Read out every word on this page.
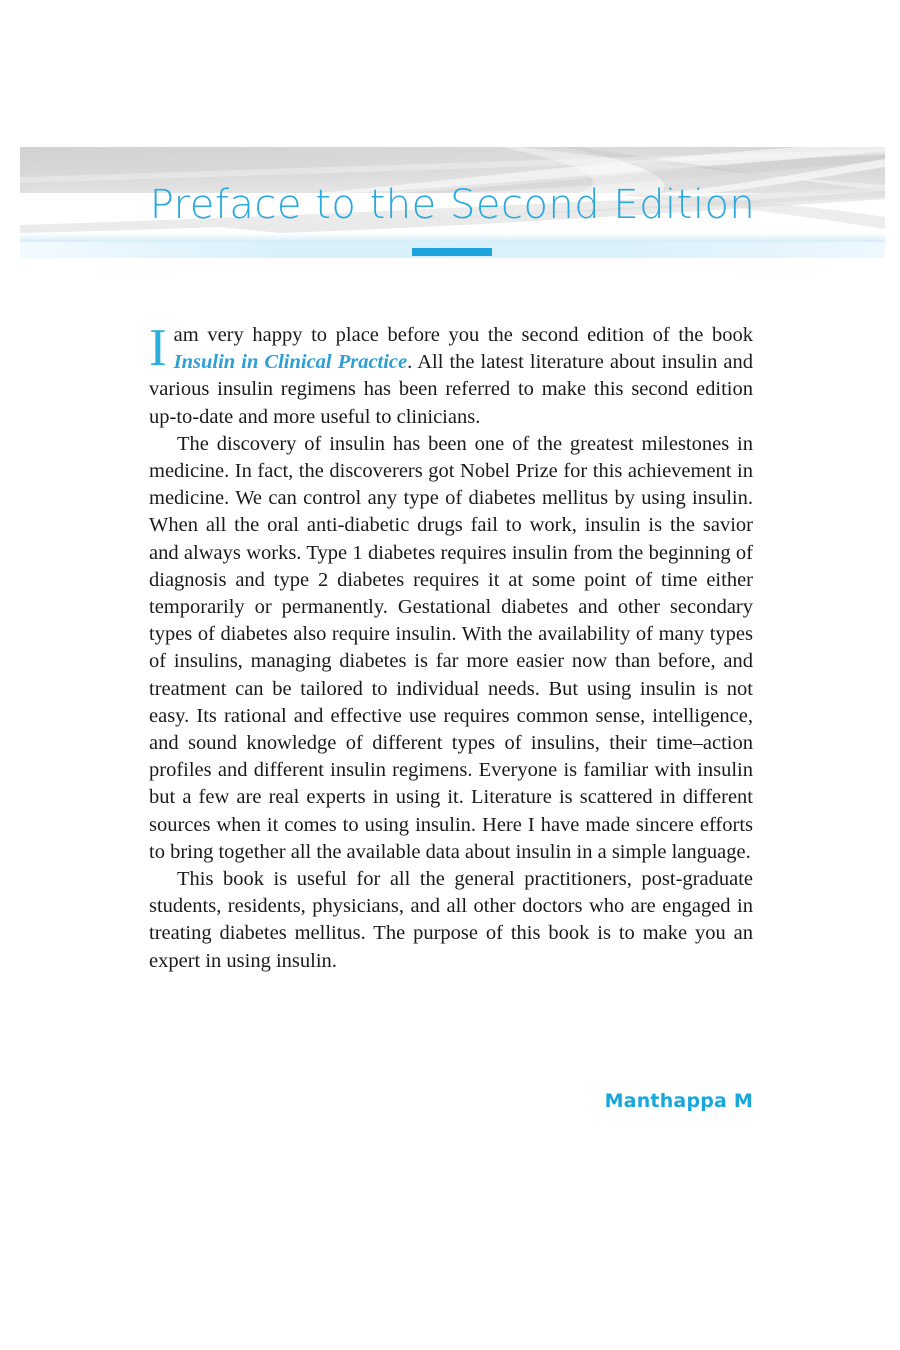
Preface to the Second Edition

Iam very happy to place before you the second edition of the book Insulin in Clinical Practice. All the latest literature about insulin and various insulin regimens has been referred to make this second edition up-to-date and more useful to clinicians.

The discovery of insulin has been one of the greatest milestones in medicine. In fact, the discoverers got Nobel Prize for this achievement in medicine. We can control any type of diabetes mellitus by using insulin. When all the oral anti-diabetic drugs fail to work, insulin is the savior and always works. Type 1 diabetes requires insulin from the beginning of diagnosis and type 2 diabetes requires it at some point of time either temporarily or permanently. Gestational diabetes and other secondary types of diabetes also require insulin. With the availability of many types of insulins, managing diabetes is far more easier now than before, and treatment can be tailored to individual needs. But using insulin is not easy. Its rational and effective use requires common sense, intelligence, and sound knowledge of different types of insulins, their time–action profiles and different insulin regimens. Everyone is familiar with insulin but a few are real experts in using it. Literature is scattered in different sources when it comes to using insulin. Here I have made sincere efforts to bring together all the available data about insulin in a simple language.

This book is useful for all the general practitioners, post-graduate students, residents, physicians, and all other doctors who are engaged in treating diabetes mellitus. The purpose of this book is to make you an expert in using insulin.

Manthappa M
